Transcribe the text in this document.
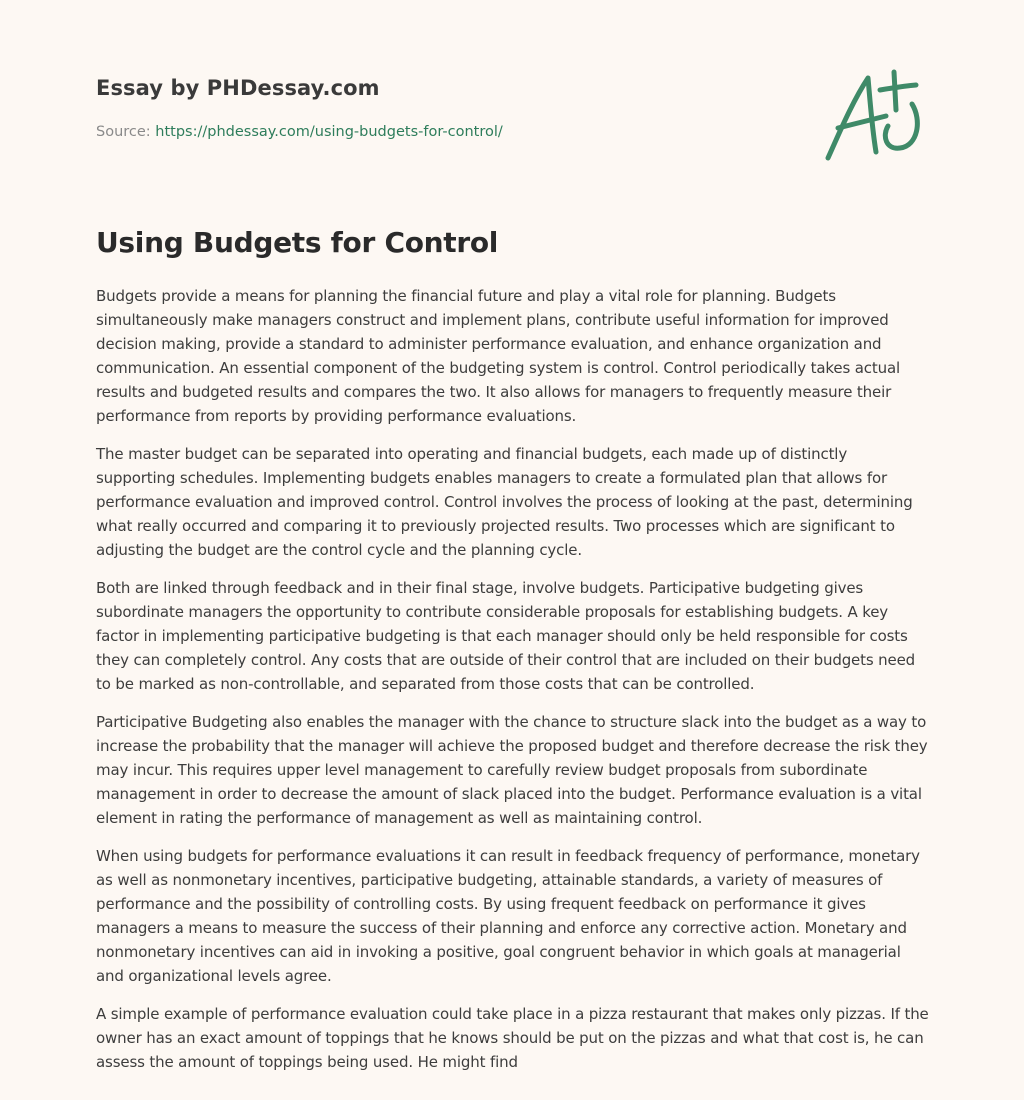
Essay by PHDessay.com
Source: https://phdessay.com/using-budgets-for-control/
Using Budgets for Control

Budgets provide a means for planning the financial future and play a vital role for planning. Budgets simultaneously make managers construct and implement plans, contribute useful information for improved decision making, provide a standard to administer performance evaluation, and enhance organization and communication. An essential component of the budgeting system is control. Control periodically takes actual results and budgeted results and compares the two. It also allows for managers to frequently measure their performance from reports by providing performance evaluations.

The master budget can be separated into operating and financial budgets, each made up of distinctly supporting schedules. Implementing budgets enables managers to create a formulated plan that allows for performance evaluation and improved control. Control involves the process of looking at the past, determining what really occurred and comparing it to previously projected results. Two processes which are significant to adjusting the budget are the control cycle and the planning cycle.

Both are linked through feedback and in their final stage, involve budgets. Participative budgeting gives subordinate managers the opportunity to contribute considerable proposals for establishing budgets. A key factor in implementing participative budgeting is that each manager should only be held responsible for costs they can completely control. Any costs that are outside of their control that are included on their budgets need to be marked as non-controllable, and separated from those costs that can be controlled.

Participative Budgeting also enables the manager with the chance to structure slack into the budget as a way to increase the probability that the manager will achieve the proposed budget and therefore decrease the risk they may incur. This requires upper level management to carefully review budget proposals from subordinate management in order to decrease the amount of slack placed into the budget. Performance evaluation is a vital element in rating the performance of management as well as maintaining control.

When using budgets for performance evaluations it can result in feedback frequency of performance, monetary as well as nonmonetary incentives, participative budgeting, attainable standards, a variety of measures of performance and the possibility of controlling costs. By using frequent feedback on performance it gives managers a means to measure the success of their planning and enforce any corrective action. Monetary and nonmonetary incentives can aid in invoking a positive, goal congruent behavior in which goals at managerial and organizational levels agree.

A simple example of performance evaluation could take place in a pizza restaurant that makes only pizzas. If the owner has an exact amount of toppings that he knows should be put on the pizzas and what that cost is, he can assess the amount of toppings being used. He might find
